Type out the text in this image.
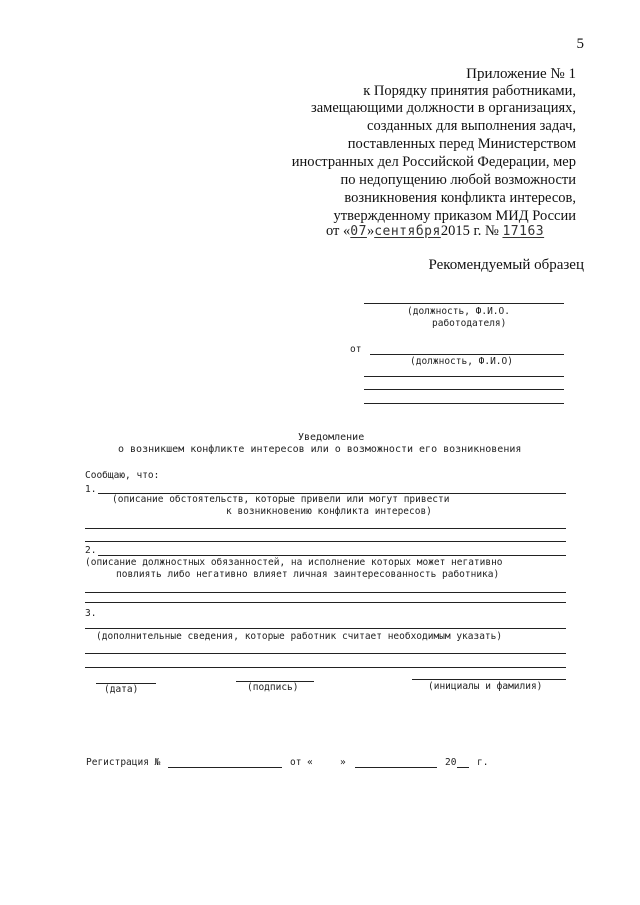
5
Приложение № 1
к Порядку принятия работниками,
замещающими должности в организациях,
созданных для выполнения задач,
поставленных перед Министерством
иностранных дел Российской Федерации, мер
по недопущению любой возможности
возникновения конфликта интересов,
утвержденному приказом МИД России
от «07»сентября2015 г. № 17163
Рекомендуемый образец
(должность, Ф.И.О.
работодателя)
от
(должность, Ф.И.О)
Уведомление
о возникшем конфликте интересов или о возможности его возникновения
Сообщаю, что:
1.
(описание обстоятельств, которые привели или могут привести
к возникновению конфликта интересов)
2.
(описание должностных обязанностей, на исполнение которых может негативно
повлиять либо негативно влияет личная заинтересованность работника)
3.
(дополнительные сведения, которые работник считает необходимым указать)
(дата)	(подпись)	(инициалы и фамилия)
Регистрация №	от «	»	20 г.
